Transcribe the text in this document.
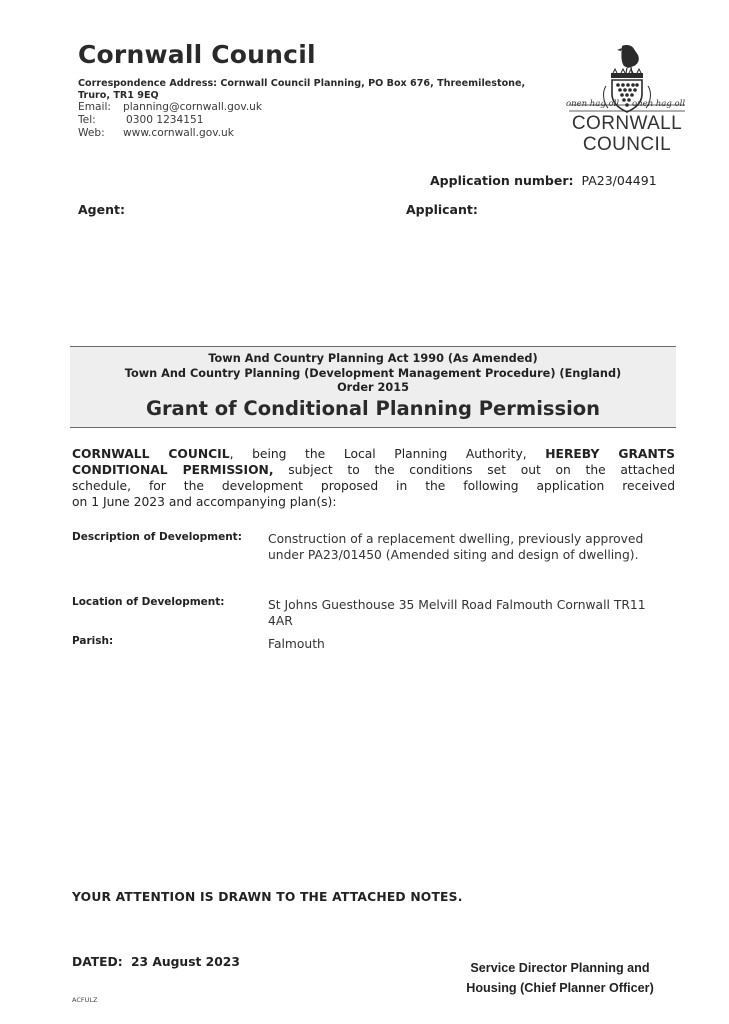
Cornwall Council
Correspondence Address: Cornwall Council Planning, PO Box 676, Threemilestone, Truro, TR1 9EQ
Email: planning@cornwall.gov.uk
Tel:	0300 1234151
Web: www.cornwall.gov.uk
onen hag oll onen hag oll
CORNWALL
COUNCIL
Application number: PA23/04491
Agent:	Applicant:
Town And Country Planning Act 1990 (As Amended)
Town And Country Planning (Development Management Procedure) (England)
Order 2015
Grant of Conditional Planning Permission
CORNWALL COUNCIL, being the Local Planning Authority, HEREBY GRANTS
CONDITIONAL PERMISSION, subject to the conditions set out on the attached
schedule, for the development proposed in the following application received
on 1 June 2023 and accompanying plan(s):
Description of Development: Construction of a replacement dwelling, previously approved under PA23/01450 (Amended siting and design of dwelling).
Location of Development:	St Johns Guesthouse 35 Melvill Road Falmouth Cornwall TR11 4AR
Parish:	Falmouth
YOUR ATTENTION IS DRAWN TO THE ATTACHED NOTES.
DATED: 23 August 2023	Service Director Planning and
Housing (Chief Planner Officer)
ACFULZ
